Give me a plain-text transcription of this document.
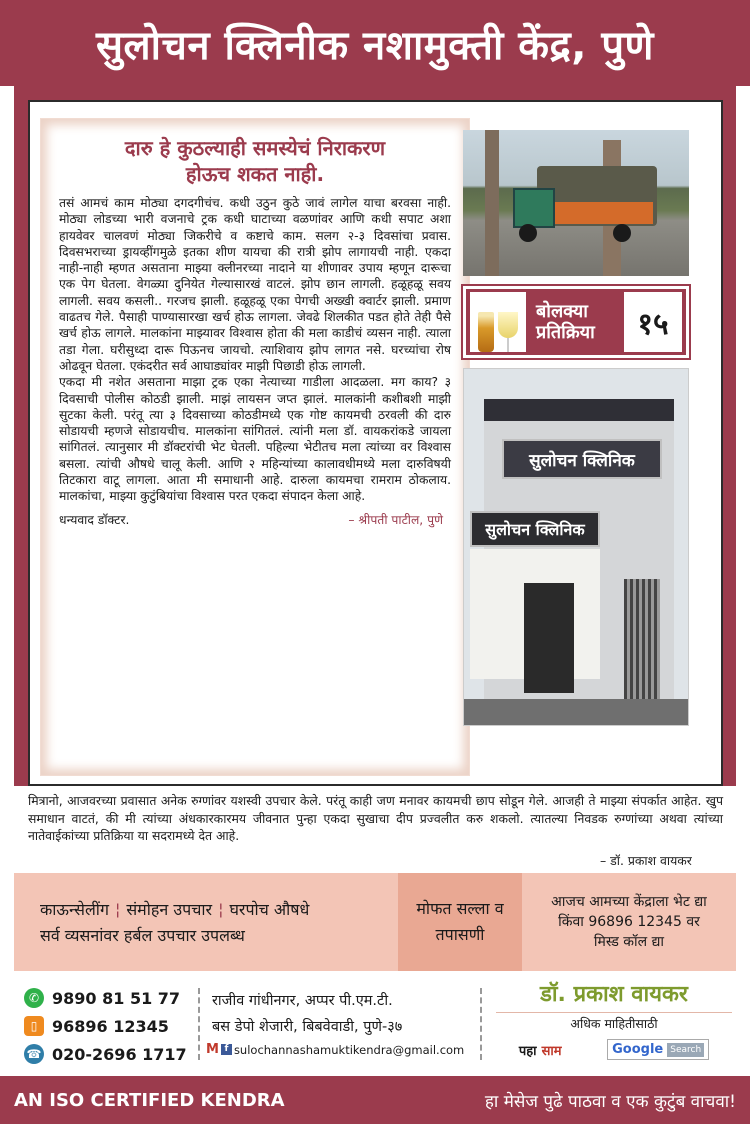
सुलोचन क्लिनीक नशामुक्ती केंद्र, पुणे
दारु हे कुठल्याही समस्येचं निराकरण
होऊच शकत नाही.

तसं आमचं काम मोठ्या दगदगीचंच. कधी उठुन कुठे जावं लागेल याचा बरवसा नाही. मोठ्या लोडच्या भारी वजनाचे ट्रक कधी घाटाच्या वळणांवर आणि कधी सपाट अशा हायवेवर चालवणं मोठ्या जिकरीचे व कष्टाचे काम. सलग २-३ दिवसांचा प्रवास. दिवसभराच्या ड्रायव्हींगमुळे इतका शीण यायचा की रात्री झोप लागायची नाही. एकदा नाही-नाही म्हणत असताना माझ्या क्लीनरच्या नादाने या शीणावर उपाय म्हणून दारूचा एक पेग घेतला. वेगळ्या दुनियेत गेल्यासारखं वाटलं. झोप छान लागली. हळूहळू सवय लागली. सवय कसली.. गरजच झाली. हळूहळू एका पेगची अख्खी क्वार्टर झाली. प्रमाण वाढतच गेले. पैसाही पाण्यासारखा खर्च होऊ लागला. जेवढे शिलकीत पडत होते तेही पैसे खर्च होऊ लागले. मालकांना माझ्यावर विश्वास होता की मला काडीचं व्यसन नाही. त्याला तडा गेला. घरीसुध्दा दारू पिऊनच जायचो. त्याशिवाय झोप लागत नसे. घरच्यांचा रोष ओढवून घेतला. एकंदरीत सर्व आघाड्यांवर माझी पिछाडी होऊ लागली.

एकदा मी नशेत असताना माझा ट्रक एका नेत्याच्या गाडीला आदळला. मग काय? ३ दिवसाची पोलीस कोठडी झाली. माझं लायसन जप्त झालं. मालकांनी कशीबशी माझी सुटका केली. परंतू त्या ३ दिवसाच्या कोठडीमध्ये एक गोष्ट कायमची ठरवली की दारु सोडायची म्हणजे सोडायचीच. मालकांना सांगितलं. त्यांनी मला डॉ. वायकरांकडे जायला सांगितलं. त्यानुसार मी डॉक्टरांची भेट घेतली. पहिल्या भेटीतच मला त्यांच्या वर विश्वास बसला. त्यांची औषधे चालू केली. आणि २ महिन्यांच्या कालावधीमध्ये मला दारुविषयी तिटकारा वाटू लागला. आता मी समाधानी आहे. दारुला कायमचा रामराम ठोकलाय. मालकांचा, माझ्या कुटुंबियांचा विश्वास परत एकदा संपादन केला आहे.

धन्यवाद डॉक्टर.	– श्रीपती पाटील, पुणे
बोलक्या
प्रतिक्रिया	१५
सुलोचन क्लिनिक
सुलोचन क्लिनिक

मित्रानो, आजवरच्या प्रवासात अनेक रुग्णांवर यशस्वी उपचार केले. परंतू काही जण मनावर कायमची छाप सोडून गेले. आजही ते माझ्या संपर्कात आहेत. खुप समाधान वाटतं, की मी त्यांच्या अंधकारकारमय जीवनात पुन्हा एकदा सुखाचा दीप प्रज्वलीत करु शकलो. त्यातल्या निवडक रुग्णांच्या अथवा त्यांच्या नातेवाईकांच्या प्रतिक्रिया या सदरामध्ये देत आहे.

– डॉ. प्रकाश वायकर
काऊन्सेलींग ¦ संमोहन उपचार ¦ घरपोच औषधे
सर्व व्यसनांवर हर्बल उपचार उपलब्ध
मोफत सल्ला व
तपासणी
आजच आमच्या केंद्राला भेट द्या
किंवा 96896 12345 वर
मिस्ड कॉल द्या
✆ 9890 81 51 77
▯ 96896 12345
☎ 020-2696 1717
राजीव गांधीनगर, अप्पर पी.एम.टी.
बस डेपो शेजारी, बिबवेवाडी, पुणे-३७
M f sulochannashamuktikendra@gmail.com
डॉ. प्रकाश वायकर
अधिक माहितीसाठी
पहा साम	Google Search
AN ISO CERTIFIED KENDRA	हा मेसेज पुढे पाठवा व एक कुटुंब वाचवा!
